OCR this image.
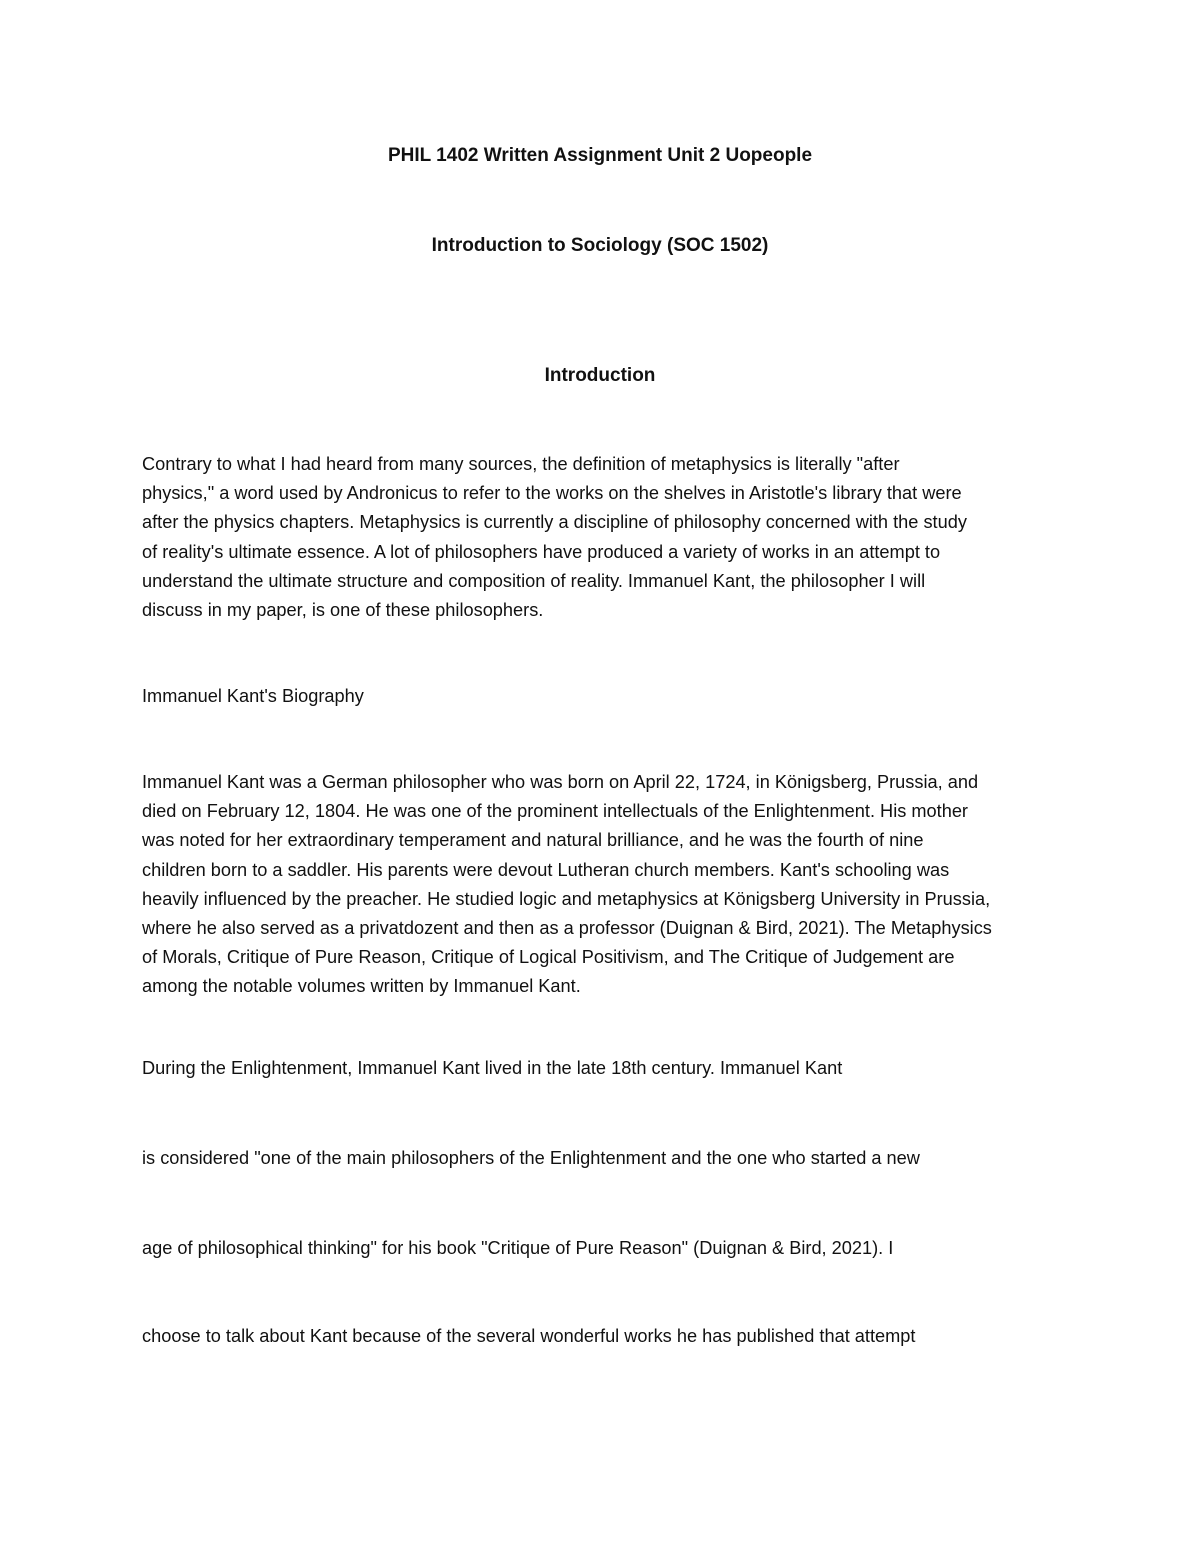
PHIL 1402 Written Assignment Unit 2 Uopeople
Introduction to Sociology (SOC 1502)
Introduction
Contrary to what I had heard from many sources, the definition of metaphysics is literally "after
physics," a word used by Andronicus to refer to the works on the shelves in Aristotle's library that were
after the physics chapters. Metaphysics is currently a discipline of philosophy concerned with the study
of reality's ultimate essence. A lot of philosophers have produced a variety of works in an attempt to
understand the ultimate structure and composition of reality. Immanuel Kant, the philosopher I will
discuss in my paper, is one of these philosophers.
Immanuel Kant's Biography
Immanuel Kant was a German philosopher who was born on April 22, 1724, in Königsberg, Prussia, and
died on February 12, 1804. He was one of the prominent intellectuals of the Enlightenment. His mother
was noted for her extraordinary temperament and natural brilliance, and he was the fourth of nine
children born to a saddler. His parents were devout Lutheran church members. Kant's schooling was
heavily influenced by the preacher. He studied logic and metaphysics at Königsberg University in Prussia,
where he also served as a privatdozent and then as a professor (Duignan & Bird, 2021). The Metaphysics
of Morals, Critique of Pure Reason, Critique of Logical Positivism, and The Critique of Judgement are
among the notable volumes written by Immanuel Kant.
During the Enlightenment, Immanuel Kant lived in the late 18th century. Immanuel Kant
is considered "one of the main philosophers of the Enlightenment and the one who started a new
age of philosophical thinking" for his book "Critique of Pure Reason" (Duignan & Bird, 2021). I
choose to talk about Kant because of the several wonderful works he has published that attempt
